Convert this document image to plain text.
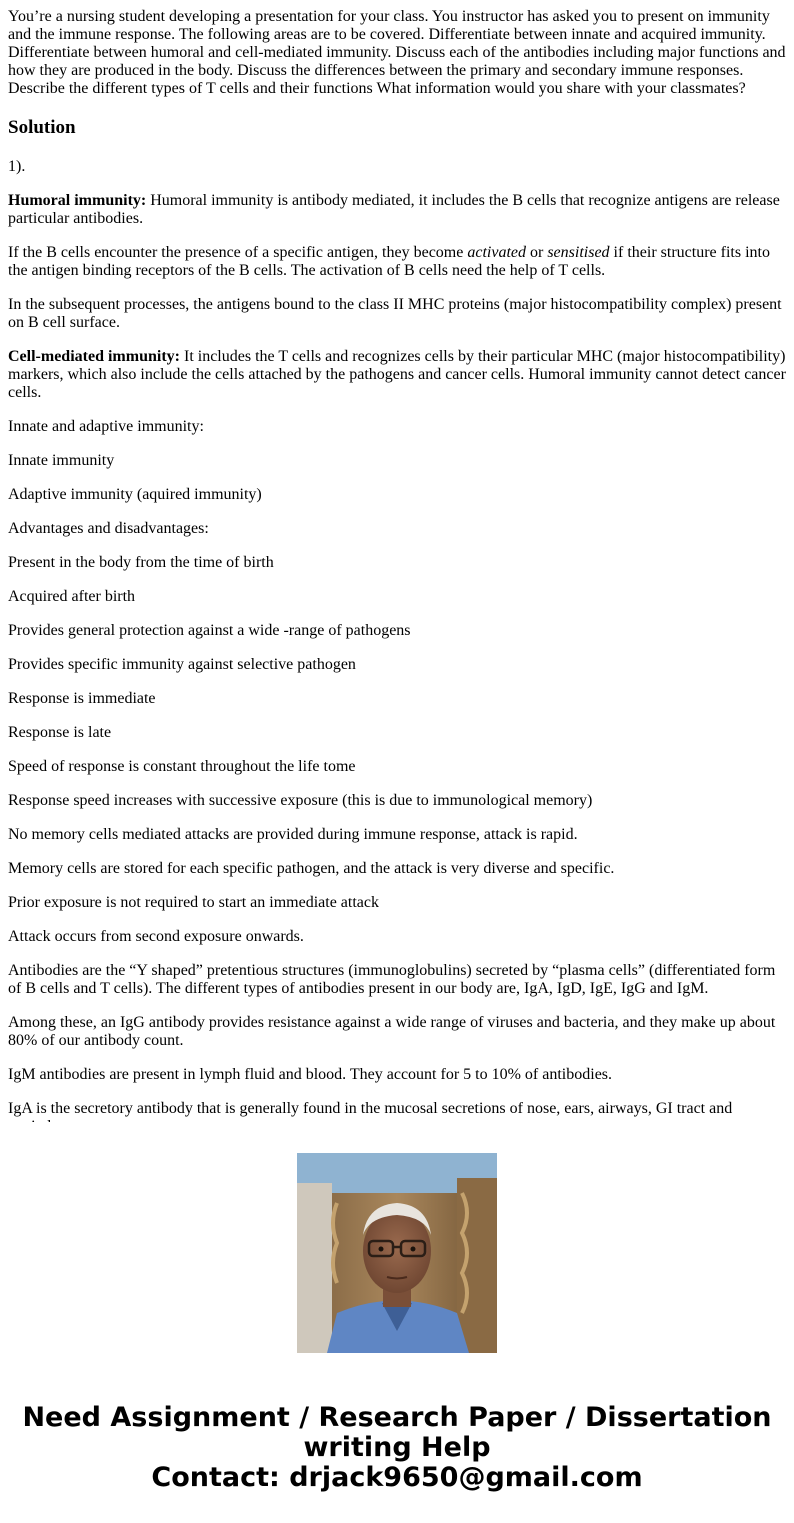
You’re a nursing student developing a presentation for your class. You instructor has asked you to present on immunity and the immune response. The following areas are to be covered. Differentiate between innate and acquired immunity. Differentiate between humoral and cell-mediated immunity. Discuss each of the antibodies including major functions and how they are produced in the body. Discuss the differences between the primary and secondary immune responses. Describe the different types of T cells and their functions What information would you share with your classmates?
Solution
1).
Humoral immunity: Humoral immunity is antibody mediated, it includes the B cells that recognize antigens are release particular antibodies.
If the B cells encounter the presence of a specific antigen, they become activated or sensitised if their structure fits into the antigen binding receptors of the B cells. The activation of B cells need the help of T cells.
In the subsequent processes, the antigens bound to the class II MHC proteins (major histocompatibility complex) present on B cell surface.
Cell-mediated immunity: It includes the T cells and recognizes cells by their particular MHC (major histocompatibility) markers, which also include the cells attached by the pathogens and cancer cells. Humoral immunity cannot detect cancer cells.
Innate and adaptive immunity:
Innate immunity
Adaptive immunity (aquired immunity)
Advantages and disadvantages:
Present in the body from the time of birth
Acquired after birth
Provides general protection against a wide -range of pathogens
Provides specific immunity against selective pathogen
Response is immediate
Response is late
Speed of response is constant throughout the life tome
Response speed increases with successive exposure (this is due to immunological memory)
No memory cells mediated attacks are provided during immune response, attack is rapid.
Memory cells are stored for each specific pathogen, and the attack is very diverse and specific.
Prior exposure is not required to start an immediate attack
Attack occurs from second exposure onwards.
Antibodies are the “Y shaped” pretentious structures (immunoglobulins) secreted by “plasma cells” (differentiated form of B cells and T cells). The different types of antibodies present in our body are, IgA, IgD, IgE, IgG and IgM.
Among these, an IgG antibody provides resistance against a wide range of viruses and bacteria, and they make up about 80% of our antibody count.
IgM antibodies are present in lymph fluid and blood. They account for 5 to 10% of antibodies.
IgA is the secretory antibody that is generally found in the mucosal secretions of nose, ears, airways, GI tract and
Need Assignment / Research Paper / Dissertation
writing Help
Contact: drjack9650@gmail.com
